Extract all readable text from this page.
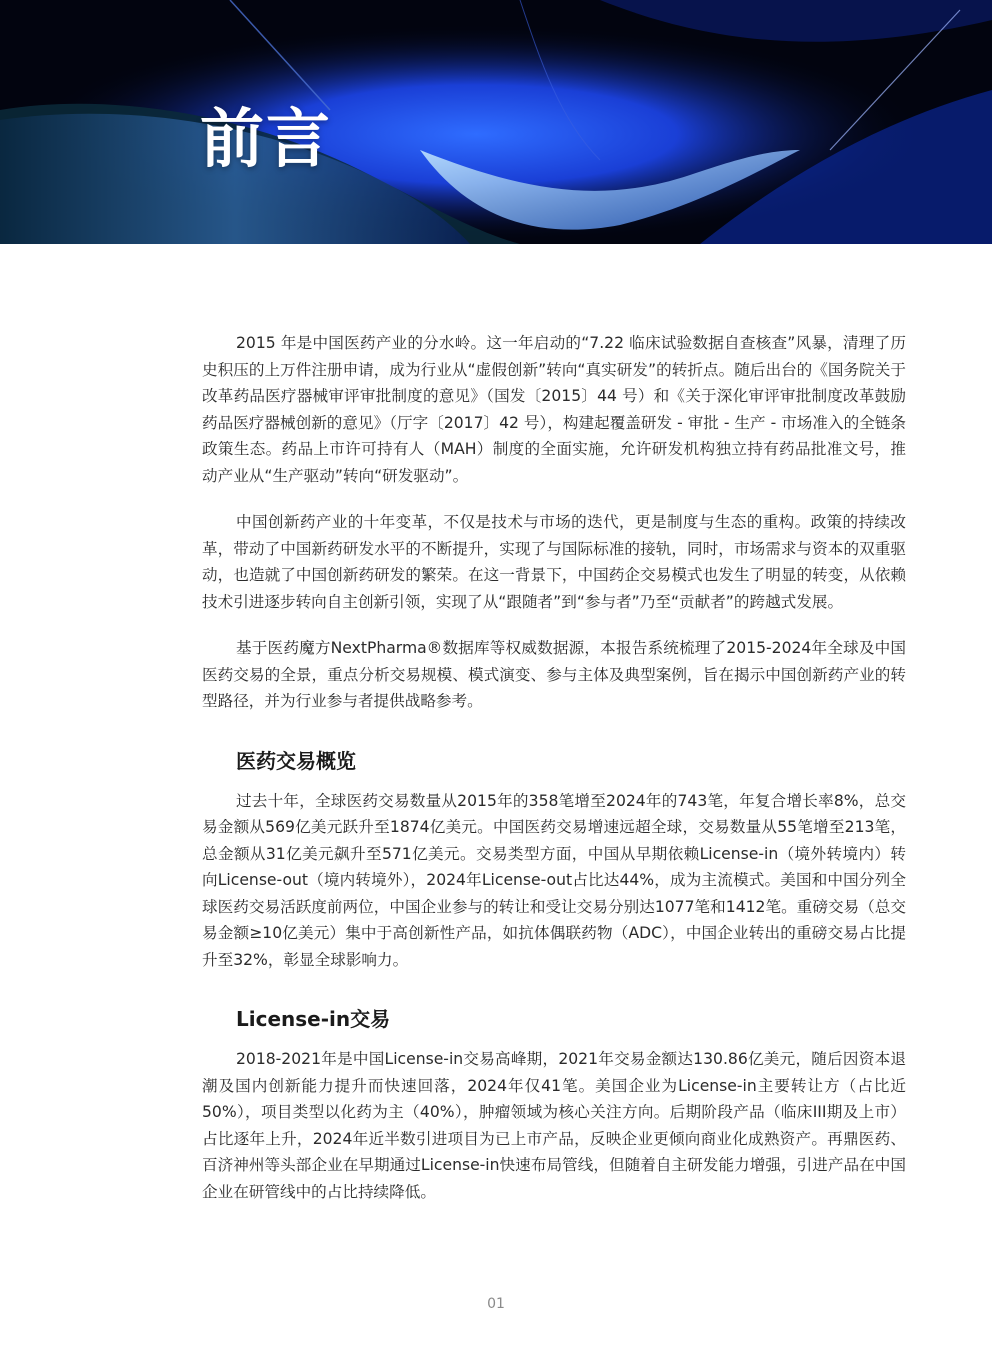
前言

2015 年是中国医药产业的分水岭。这一年启动的“7.22 临床试验数据自查核查”风暴，清理了历史积压的上万件注册申请，成为行业从“虚假创新”转向“真实研发”的转折点。随后出台的《国务院关于改革药品医疗器械审评审批制度的意见》（国发〔2015〕44 号）和《关于深化审评审批制度改革鼓励药品医疗器械创新的意见》（厅字〔2017〕42 号），构建起覆盖研发 - 审批 - 生产 - 市场准入的全链条政策生态。药品上市许可持有人（MAH）制度的全面实施，允许研发机构独立持有药品批准文号，推动产业从“生产驱动”转向“研发驱动”。

中国创新药产业的十年变革，不仅是技术与市场的迭代，更是制度与生态的重构。政策的持续改革，带动了中国新药研发水平的不断提升，实现了与国际标准的接轨，同时，市场需求与资本的双重驱动，也造就了中国创新药研发的繁荣。在这一背景下，中国药企交易模式也发生了明显的转变，从依赖技术引进逐步转向自主创新引领，实现了从“跟随者”到“参与者”乃至“贡献者”的跨越式发展。

基于医药魔方NextPharma®数据库等权威数据源，本报告系统梳理了2015-2024年全球及中国医药交易的全景，重点分析交易规模、模式演变、参与主体及典型案例，旨在揭示中国创新药产业的转型路径，并为行业参与者提供战略参考。

医药交易概览

过去十年，全球医药交易数量从2015年的358笔增至2024年的743笔，年复合增长率8%，总交易金额从569亿美元跃升至1874亿美元。中国医药交易增速远超全球，交易数量从55笔增至213笔，总金额从31亿美元飙升至571亿美元。交易类型方面，中国从早期依赖License-in（境外转境内）转向License-out（境内转境外），2024年License-out占比达44%，成为主流模式。美国和中国分列全球医药交易活跃度前两位，中国企业参与的转让和受让交易分别达1077笔和1412笔。重磅交易（总交易金额≥10亿美元）集中于高创新性产品，如抗体偶联药物（ADC），中国企业转出的重磅交易占比提升至32%，彰显全球影响力。

License-in交易

2018-2021年是中国License-in交易高峰期，2021年交易金额达130.86亿美元，随后因资本退潮及国内创新能力提升而快速回落，2024年仅41笔。美国企业为License-in主要转让方（占比近50%），项目类型以化药为主（40%），肿瘤领域为核心关注方向。后期阶段产品（临床III期及上市）占比逐年上升，2024年近半数引进项目为已上市产品，反映企业更倾向商业化成熟资产。再鼎医药、百济神州等头部企业在早期通过License-in快速布局管线，但随着自主研发能力增强，引进产品在中国企业在研管线中的占比持续降低。

01
